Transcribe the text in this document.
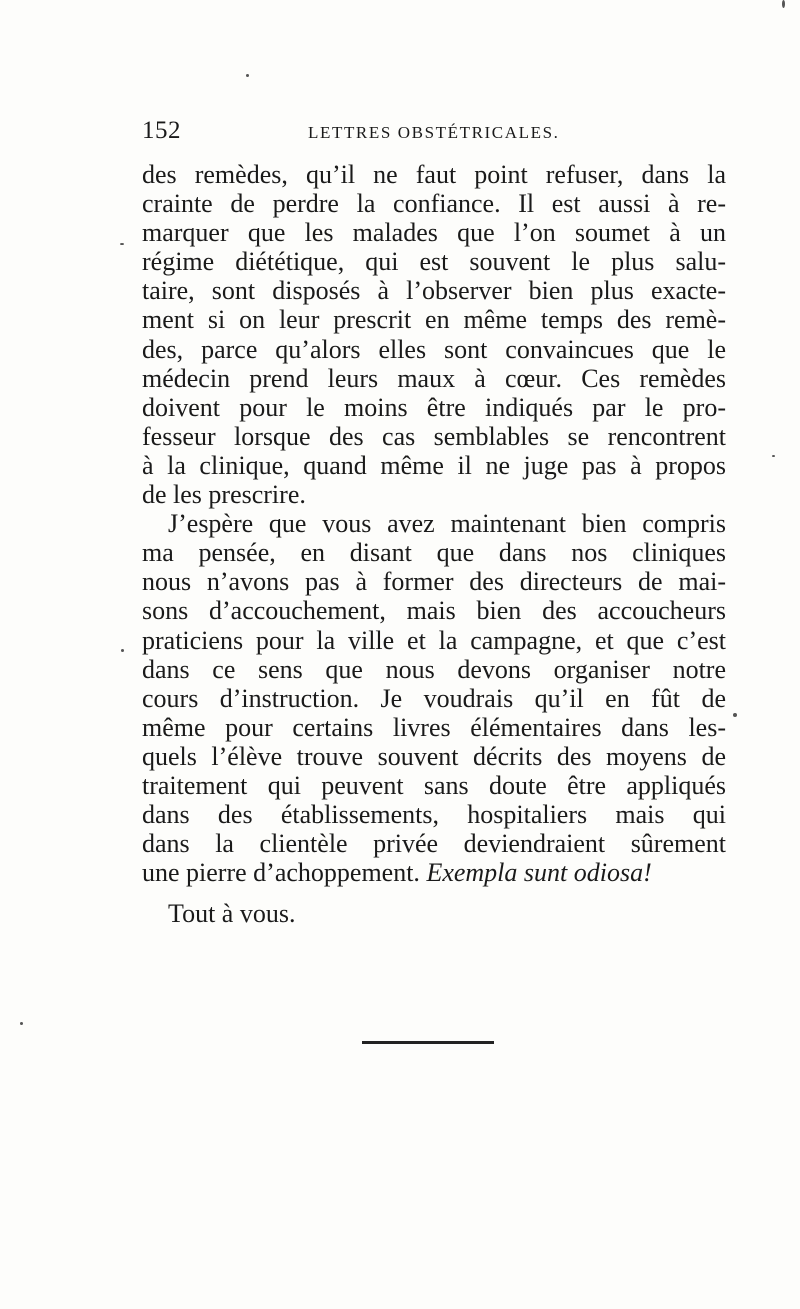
152	LETTRES OBSTÉTRICALES.
des remèdes, qu’il ne faut point refuser, dans la
crainte de perdre la confiance. Il est aussi à re-
marquer que les malades que l’on soumet à un
régime diététique, qui est souvent le plus salu-
taire, sont disposés à l’observer bien plus exacte-
ment si on leur prescrit en même temps des remè-
des, parce qu’alors elles sont convaincues que le
médecin prend leurs maux à cœur. Ces remèdes
doivent pour le moins être indiqués par le pro-
fesseur lorsque des cas semblables se rencontrent
à la clinique, quand même il ne juge pas à propos
de les prescrire.
J’espère que vous avez maintenant bien compris
ma pensée, en disant que dans nos cliniques
nous n’avons pas à former des directeurs de mai-
sons d’accouchement, mais bien des accoucheurs
praticiens pour la ville et la campagne, et que c’est
dans ce sens que nous devons organiser notre
cours d’instruction. Je voudrais qu’il en fût de
même pour certains livres élémentaires dans les-
quels l’élève trouve souvent décrits des moyens de
traitement qui peuvent sans doute être appliqués
dans des établissements, hospitaliers mais qui
dans la clientèle privée deviendraient sûrement
une pierre d’achoppement. Exempla sunt odiosa!
Tout à vous.
